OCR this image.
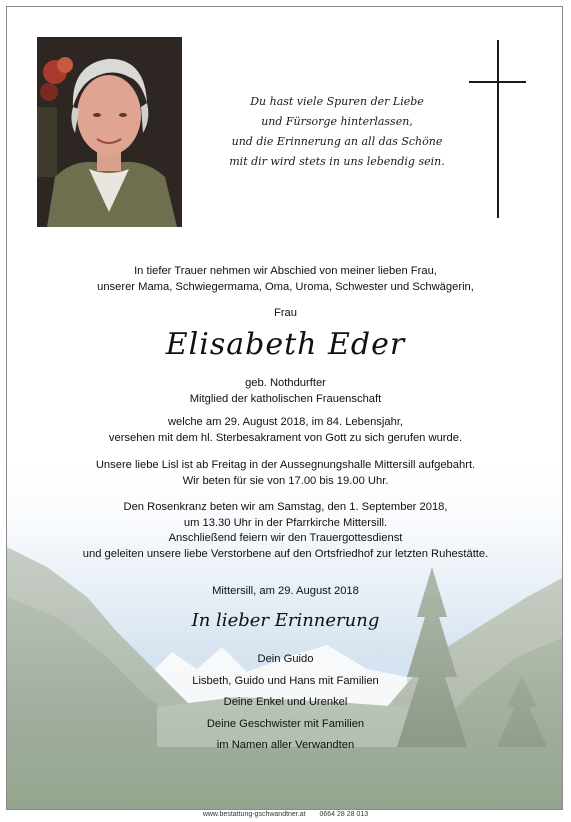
Du hast viele Spuren der Liebe
und Fürsorge hinterlassen,
und die Erinnerung an all das Schöne
mit dir wird stets in uns lebendig sein.
In tiefer Trauer nehmen wir Abschied von meiner lieben Frau,
unserer Mama, Schwiegermama, Oma, Uroma, Schwester und Schwägerin,
Frau
Elisabeth Eder
geb. Nothdurfter
Mitglied der katholischen Frauenschaft
welche am 29. August 2018, im 84. Lebensjahr,
versehen mit dem hl. Sterbesakrament von Gott zu sich gerufen wurde.
Unsere liebe Lisl ist ab Freitag in der Aussegnungshalle Mittersill aufgebahrt.
Wir beten für sie von 17.00 bis 19.00 Uhr.
Den Rosenkranz beten wir am Samstag, den 1. September 2018,
um 13.30 Uhr in der Pfarrkirche Mittersill.
Anschließend feiern wir den Trauergottesdienst
und geleiten unsere liebe Verstorbene auf den Ortsfriedhof zur letzten Ruhestätte.
Mittersill, am 29. August 2018
In lieber Erinnerung
Dein Guido
Lisbeth, Guido und Hans mit Familien
Deine Enkel und Urenkel
Deine Geschwister mit Familien
im Namen aller Verwandten
www.bestattung-gschwandtner.at 0664 28 28 013
